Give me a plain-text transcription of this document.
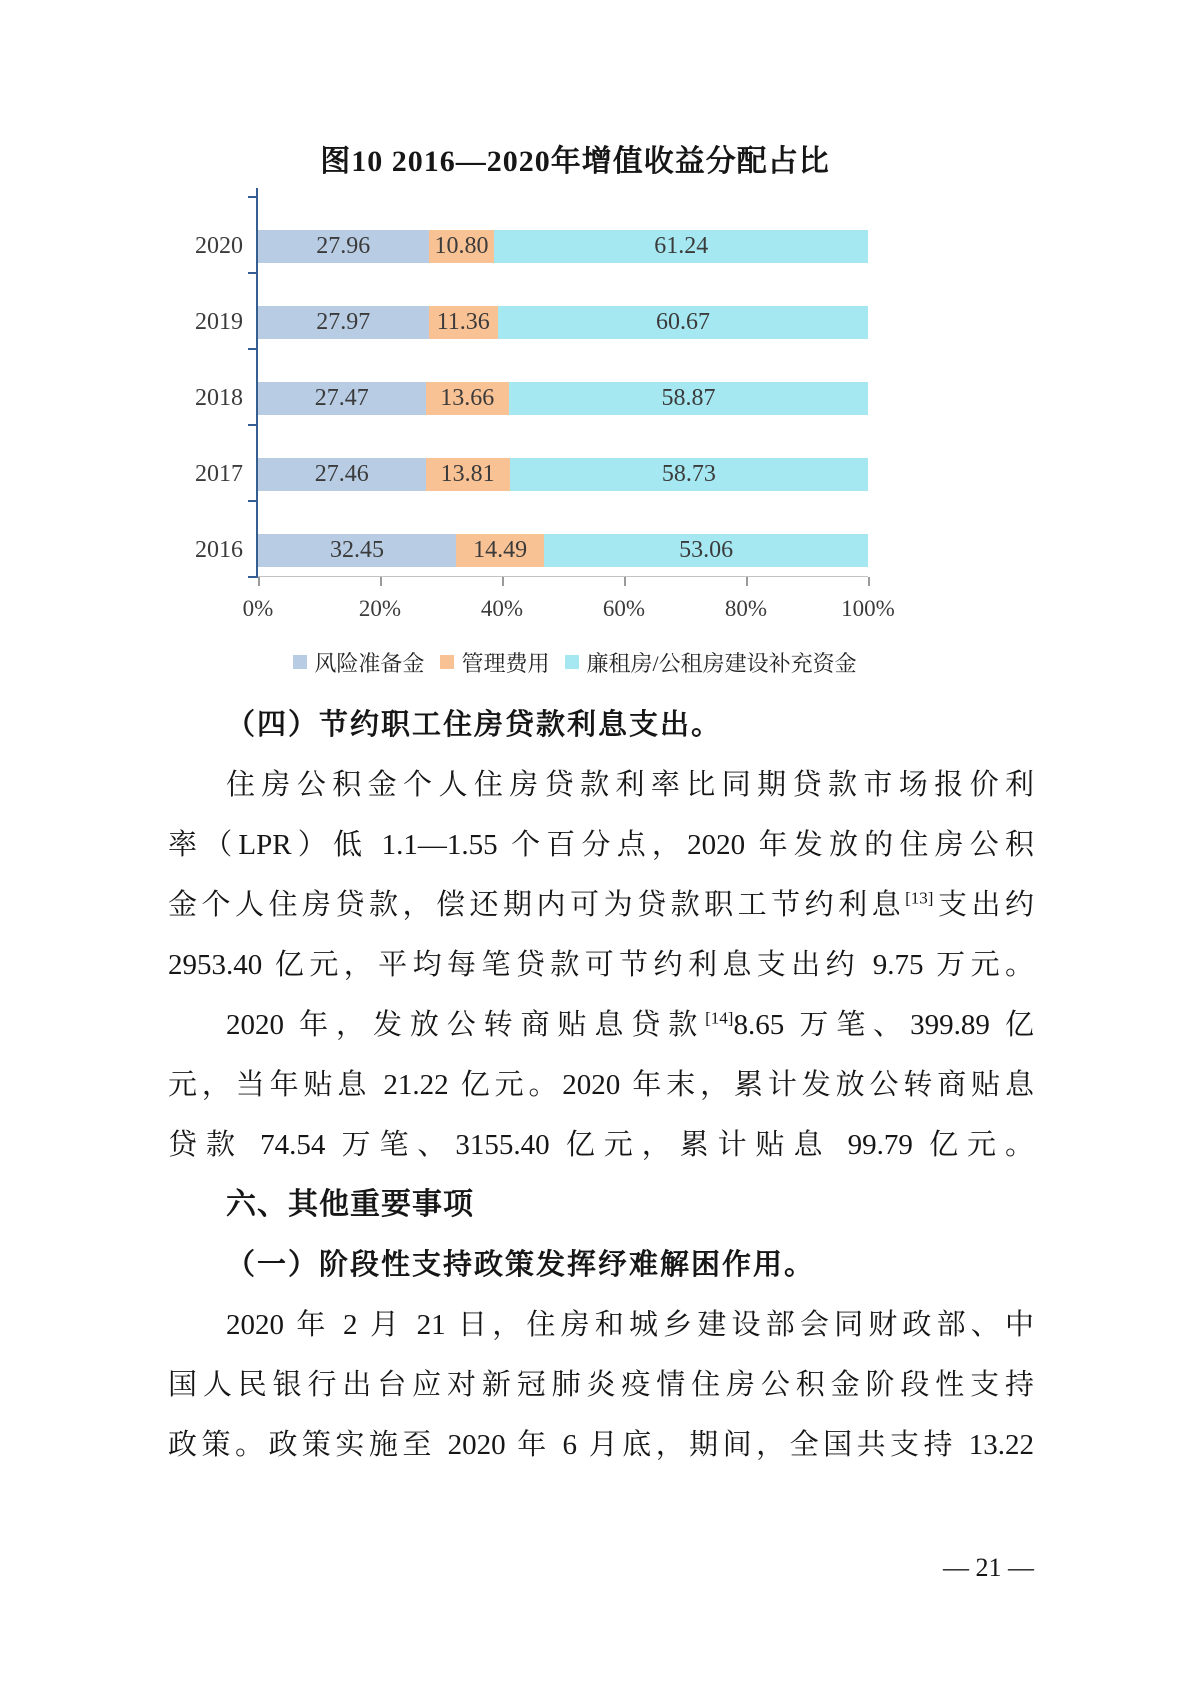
图10 2016—2020年增值收益分配占比
2020	27.96	10.80	61.24
2019	27.97	11.36	60.67
2018	27.47	13.66	58.87
2017	27.46	13.81	58.73
2016	32.45	14.49	53.06
风险准备金 管理费用 廉租房/公租房建设补充资金
（四）节约职工住房贷款利息支出。
住房公积金个人住房贷款利率比同期贷款市场报价利
率（LPR）低 1.1—1.55 个百分点，2020 年发放的住房公积
金个人住房贷款，偿还期内可为贷款职工节约利息[13]支出约
2953.40 亿元，平均每笔贷款可节约利息支出约 9.75 万元。
2020 年，发放公转商贴息贷款[14]8.65 万笔、399.89 亿
元，当年贴息 21.22 亿元。2020 年末，累计发放公转商贴息
贷款 74.54 万笔、3155.40 亿元，累计贴息 99.79 亿元。
六、其他重要事项
（一）阶段性支持政策发挥纾难解困作用。
2020 年 2 月 21 日，住房和城乡建设部会同财政部、中
国人民银行出台应对新冠肺炎疫情住房公积金阶段性支持
政策。政策实施至 2020 年 6 月底，期间，全国共支持 13.22
— 21 —
0%	20%	40%	60%	80%	100%
